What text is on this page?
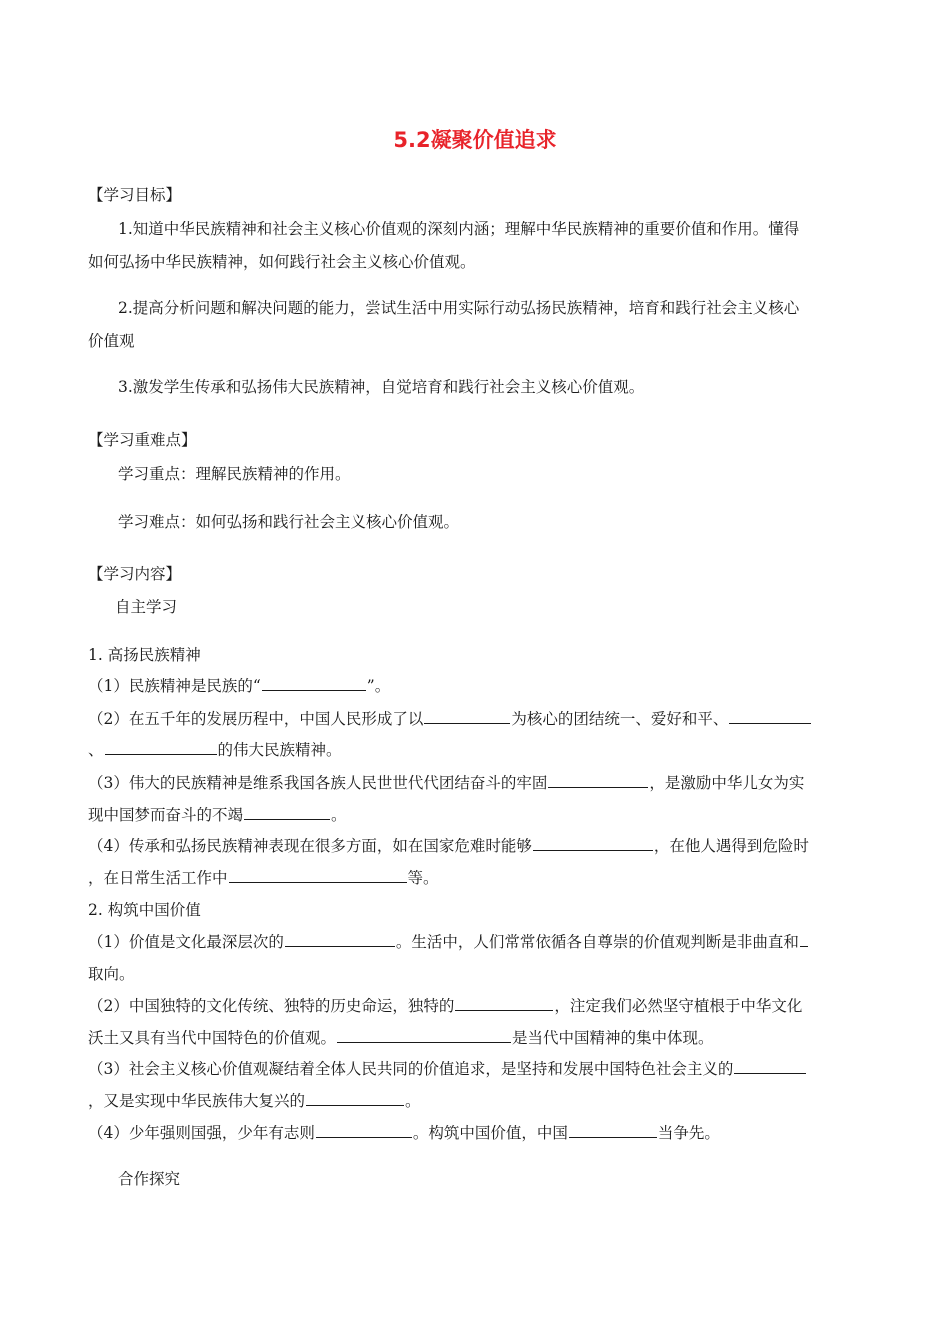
5.2凝聚价值追求
【学习目标】
1.知道中华民族精神和社会主义核心价值观的深刻内涵；理解中华民族精神的重要价值和作用。懂得
如何弘扬中华民族精神，如何践行社会主义核心价值观。
2.提高分析问题和解决问题的能力，尝试生活中用实际行动弘扬民族精神，培育和践行社会主义核心
价值观
3.激发学生传承和弘扬伟大民族精神，自觉培育和践行社会主义核心价值观。
【学习重难点】
学习重点：理解民族精神的作用。
学习难点：如何弘扬和践行社会主义核心价值观。
【学习内容】
自主学习
1. 高扬民族精神
（1）民族精神是民族的“	”。
（2）在五千年的发展历程中，中国人民形成了以	为核心的团结统一、爱好和平、
、	的伟大民族精神。
（3）伟大的民族精神是维系我国各族人民世世代代团结奋斗的牢固	，是激励中华儿女为实
现中国梦而奋斗的不竭	。
（4）传承和弘扬民族精神表现在很多方面，如在国家危难时能够	，在他人遇得到危险时
，在日常生活工作中	等。
2. 构筑中国价值
（1）价值是文化最深层次的	。生活中，人们常常依循各自尊崇的价值观判断是非曲直和
取向。
（2）中国独特的文化传统、独特的历史命运，独特的	，注定我们必然坚守植根于中华文化
沃土又具有当代中国特色的价值观。	是当代中国精神的集中体现。
（3）社会主义核心价值观凝结着全体人民共同的价值追求，是坚持和发展中国特色社会主义的
，又是实现中华民族伟大复兴的	。
（4）少年强则国强，少年有志则	。构筑中国价值，中国	当争先。
合作探究
